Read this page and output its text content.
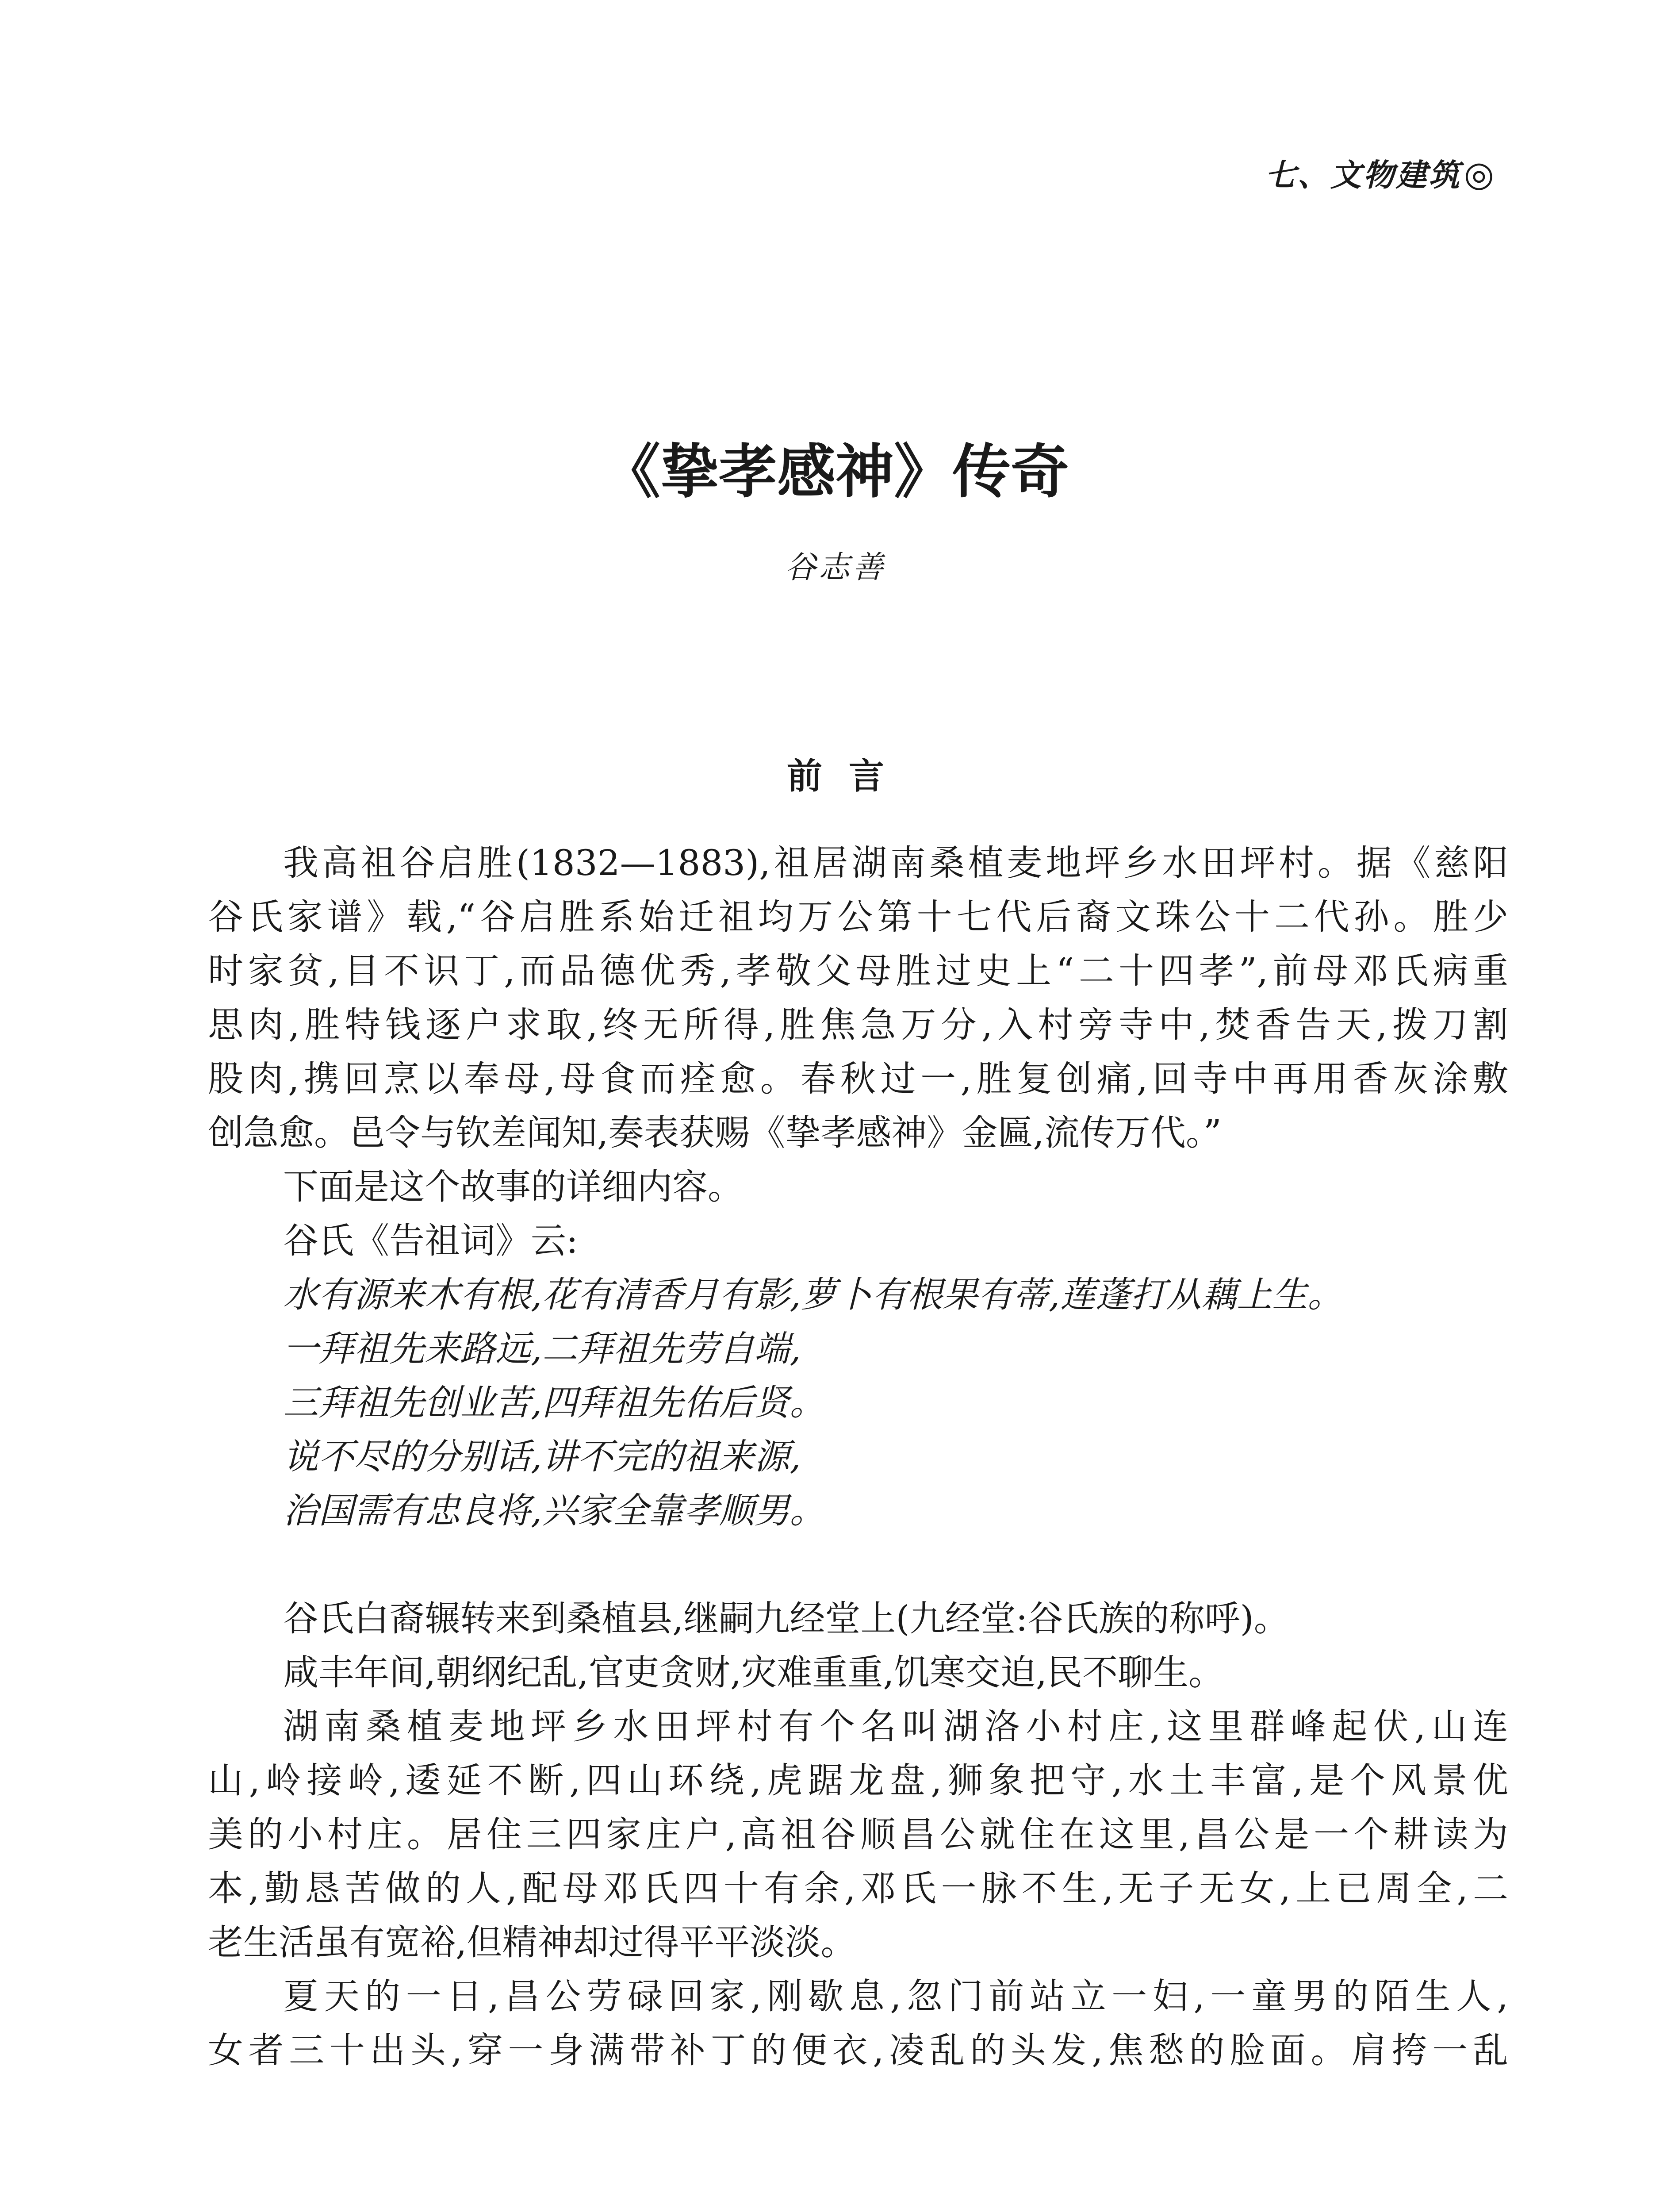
七、文物建筑◎
《挚孝感神》传奇
谷志善
前言
我高祖谷启胜(1832—1883),祖居湖南桑植麦地坪乡水田坪村。据《慈阳
谷氏家谱》载,“谷启胜系始迁祖均万公第十七代后裔文珠公十二代孙。胜少
时家贫,目不识丁,而品德优秀,孝敬父母胜过史上“二十四孝”,前母邓氏病重
思肉,胜特钱逐户求取,终无所得,胜焦急万分,入村旁寺中,焚香告天,拨刀割
股肉,携回烹以奉母,母食而痊愈。春秋过一,胜复创痛,回寺中再用香灰涂敷
创急愈。邑令与钦差闻知,奏表获赐《挚孝感神》金匾,流传万代。”
下面是这个故事的详细内容。
谷氏《告祖词》云:
水有源来木有根,花有清香月有影,萝卜有根果有蒂,莲蓬打从藕上生。
一拜祖先来路远,二拜祖先劳自端,
三拜祖先创业苦,四拜祖先佑后贤。
说不尽的分别话,讲不完的祖来源,
治国需有忠良将,兴家全靠孝顺男。
谷氏白裔辗转来到桑植县,继嗣九经堂上(九经堂:谷氏族的称呼)。
咸丰年间,朝纲纪乱,官吏贪财,灾难重重,饥寒交迫,民不聊生。
湖南桑植麦地坪乡水田坪村有个名叫湖洛小村庄,这里群峰起伏,山连
山,岭接岭,逶延不断,四山环绕,虎踞龙盘,狮象把守,水土丰富,是个风景优
美的小村庄。居住三四家庄户,高祖谷顺昌公就住在这里,昌公是一个耕读为
本,勤恳苦做的人,配母邓氏四十有余,邓氏一脉不生,无子无女,上已周全,二
老生活虽有宽裕,但精神却过得平平淡淡。
夏天的一日,昌公劳碌回家,刚歇息,忽门前站立一妇,一童男的陌生人,
女者三十出头,穿一身满带补丁的便衣,凌乱的头发,焦愁的脸面。肩挎一乱
